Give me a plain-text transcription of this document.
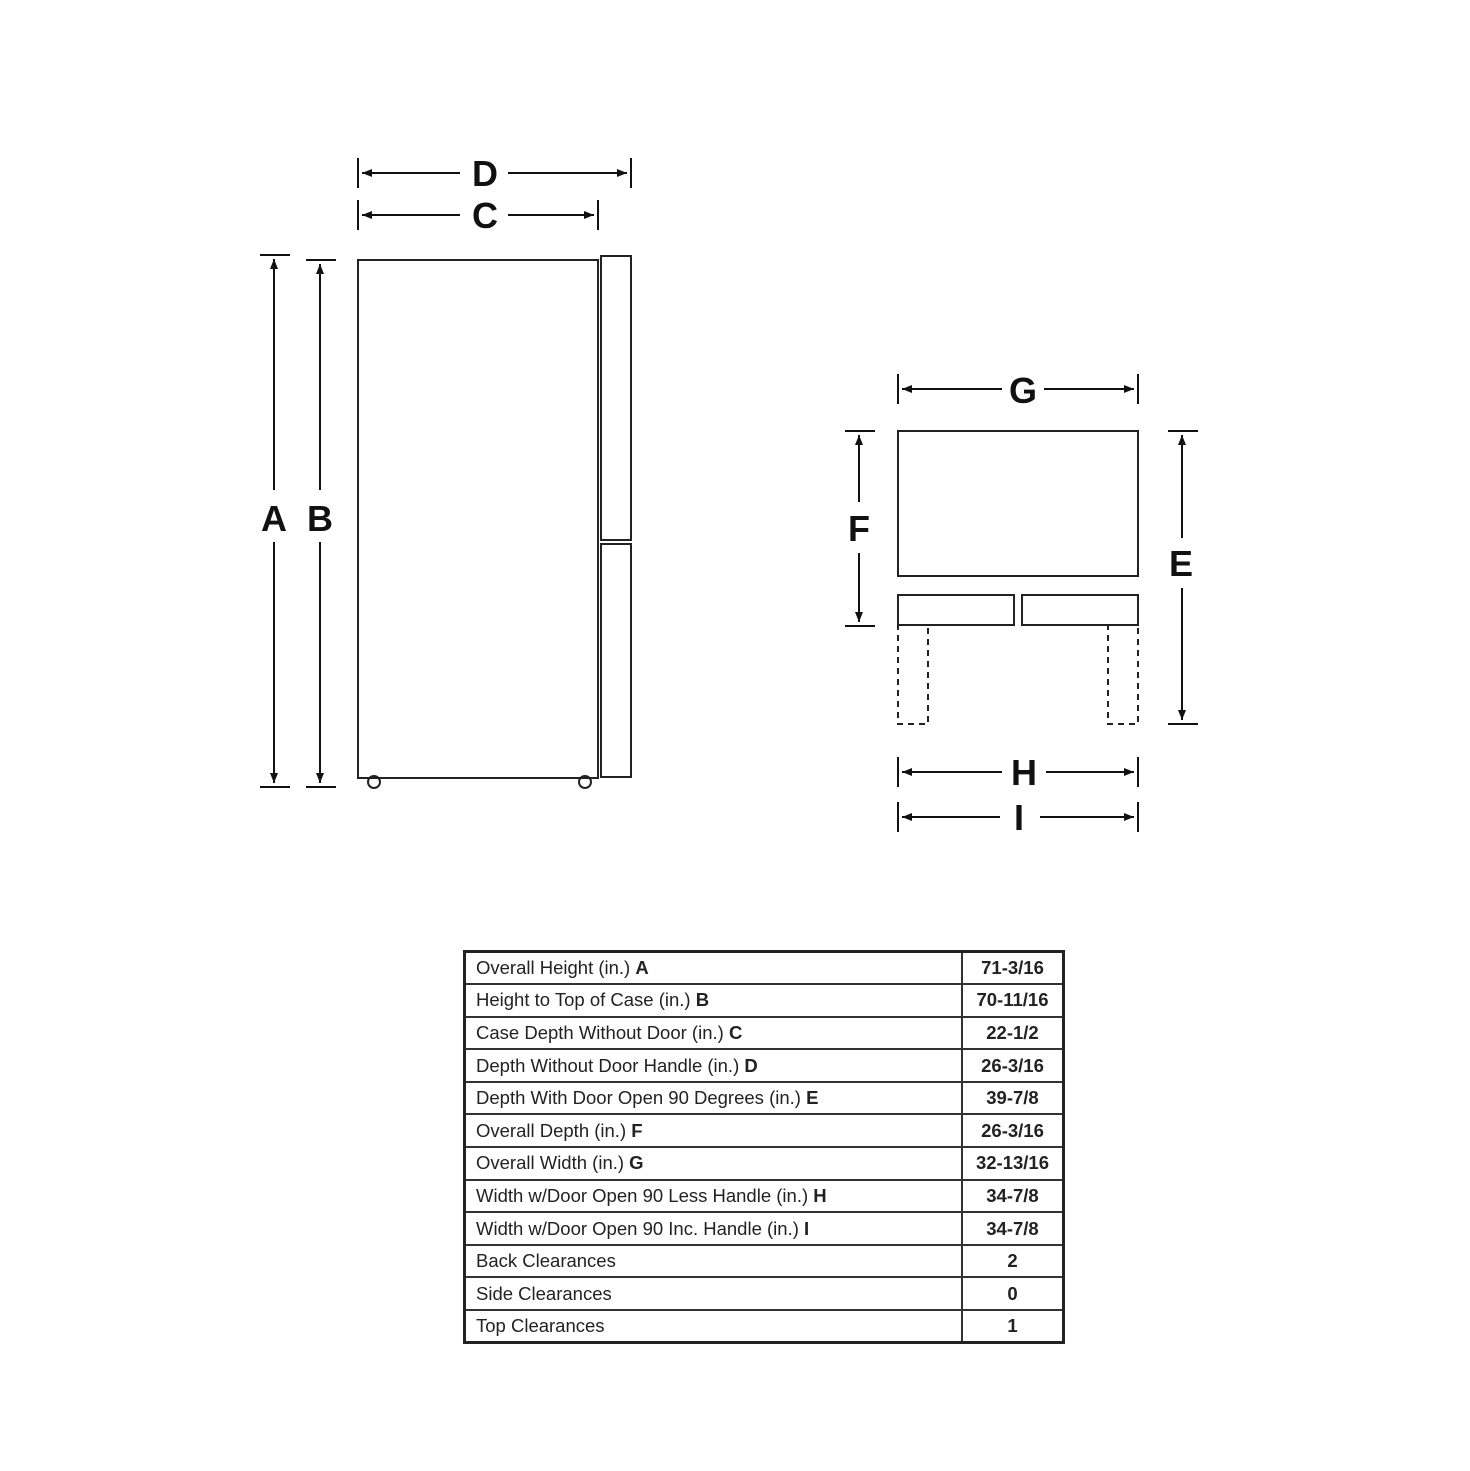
D
C
A B
G
F
E
H
I
Overall Height (in.) A	71-3/16
Height to Top of Case (in.) B	70-11/16
Case Depth Without Door (in.) C	22-1/2
Depth Without Door Handle (in.) D	26-3/16
Depth With Door Open 90 Degrees (in.) E	39-7/8
Overall Depth (in.) F	26-3/16
Overall Width (in.) G	32-13/16
Width w/Door Open 90 Less Handle (in.) H	34-7/8
Width w/Door Open 90 Inc. Handle (in.) I	34-7/8
Back Clearances	2
Side Clearances	0
Top Clearances	1
